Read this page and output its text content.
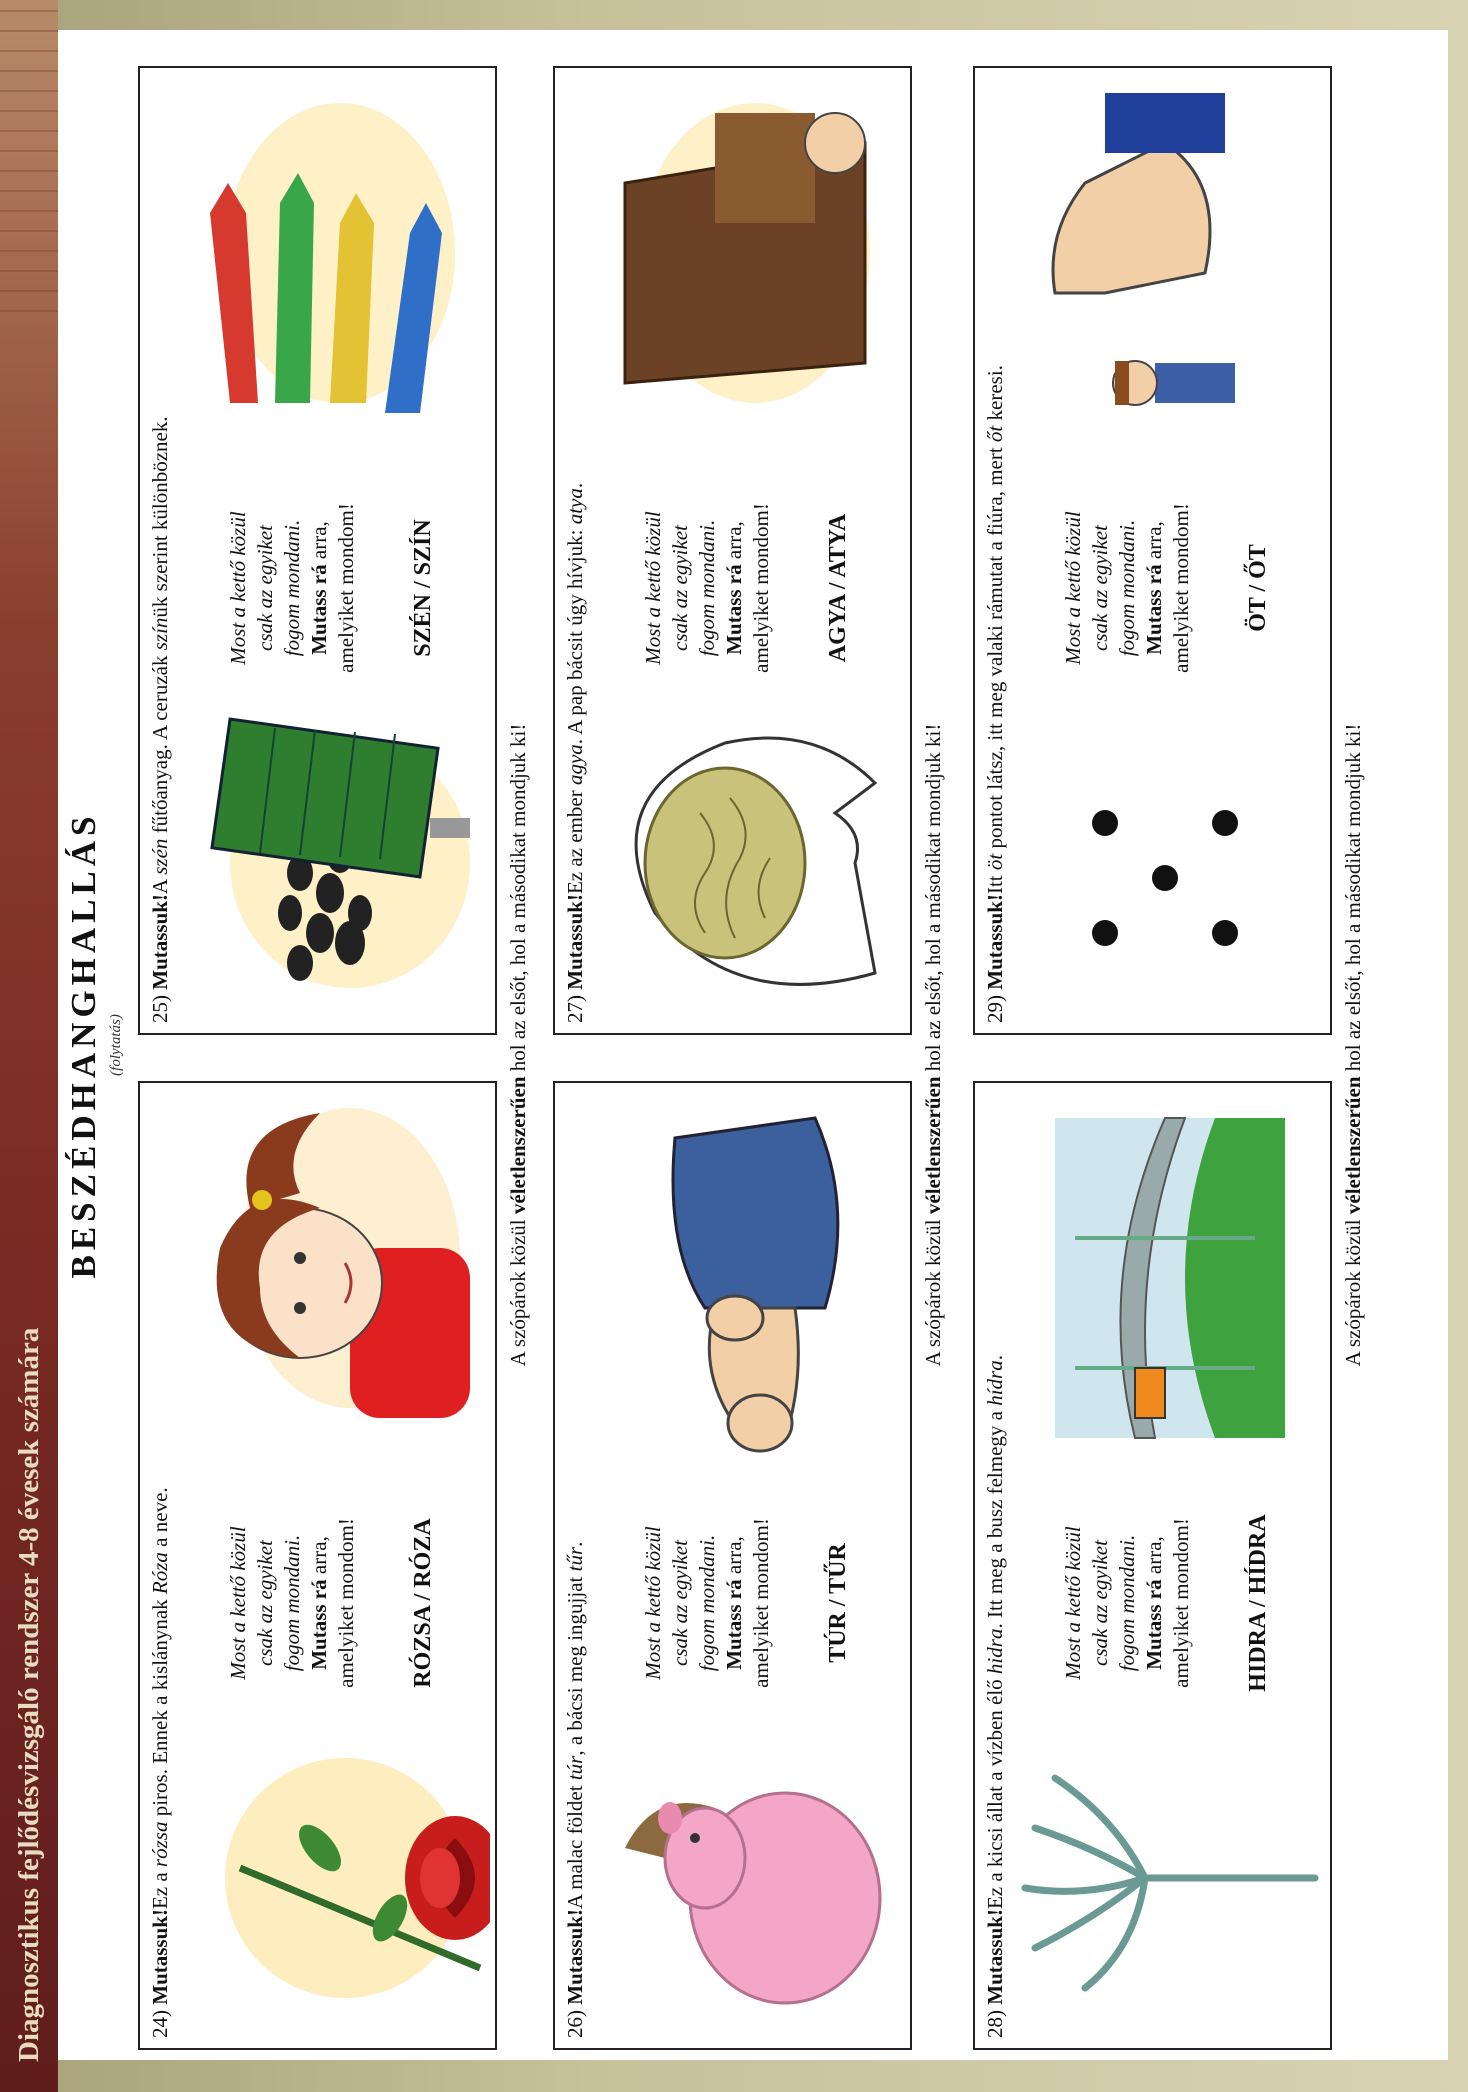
Diagnosztikus fejlődésvizsgáló rendszer 4-8 évesek számára
BESZÉDHANGHALLÁS (folytatás)
24) Mutassuk!Ez a rózsa piros. Ennek a kislánynak Róza a neve.
Most a kettő közül csak az egyiket fogom mondani. Mutass rá arra, amelyiket mondom! RÓZSA / RÓZA
25) Mutassuk!A szén fűtőanyag. A ceruzák színük szerint különböznek.	Most a kettő közül csak az egyiket fogom mondani. Mutass rá arra, amelyiket mondom! SZÉN / SZÍN
A szópárok közül véletlenszerűen hol az elsőt, hol a másodikat mondjuk ki!
26) Mutassuk!A malac földet túr, a bácsi meg ingujjat tűr.	Most a kettő közül csak az egyiket fogom mondani. Mutass rá arra, amelyiket mondom! TÚR / TŰR
27) Mutassuk!Ez az ember agya. A pap bácsit úgy hívjuk: atya.
Most a kettő közül csak az egyiket fogom mondani. Mutass rá arra, amelyiket mondom! AGYA / ATYA
A szópárok közül véletlenszerűen hol az elsőt, hol a másodikat mondjuk ki!
28) Mutassuk!Ez a kicsi állat a vízben élő hidra. Itt meg a busz felmegy a hídra.
Most a kettő közül csak az egyiket fogom mondani. Mutass rá arra, amelyiket mondom! HIDRA / HÍDRA
29) Mutassuk!Itt öt pontot látsz, itt meg valaki rámutat a fiúra, mert őt keresi.
Most a kettő közül csak az egyiket fogom mondani. Mutass rá arra, amelyiket mondom! ÖT / ŐT
A szópárok közül véletlenszerűen hol az elsőt, hol a másodikat mondjuk ki!
